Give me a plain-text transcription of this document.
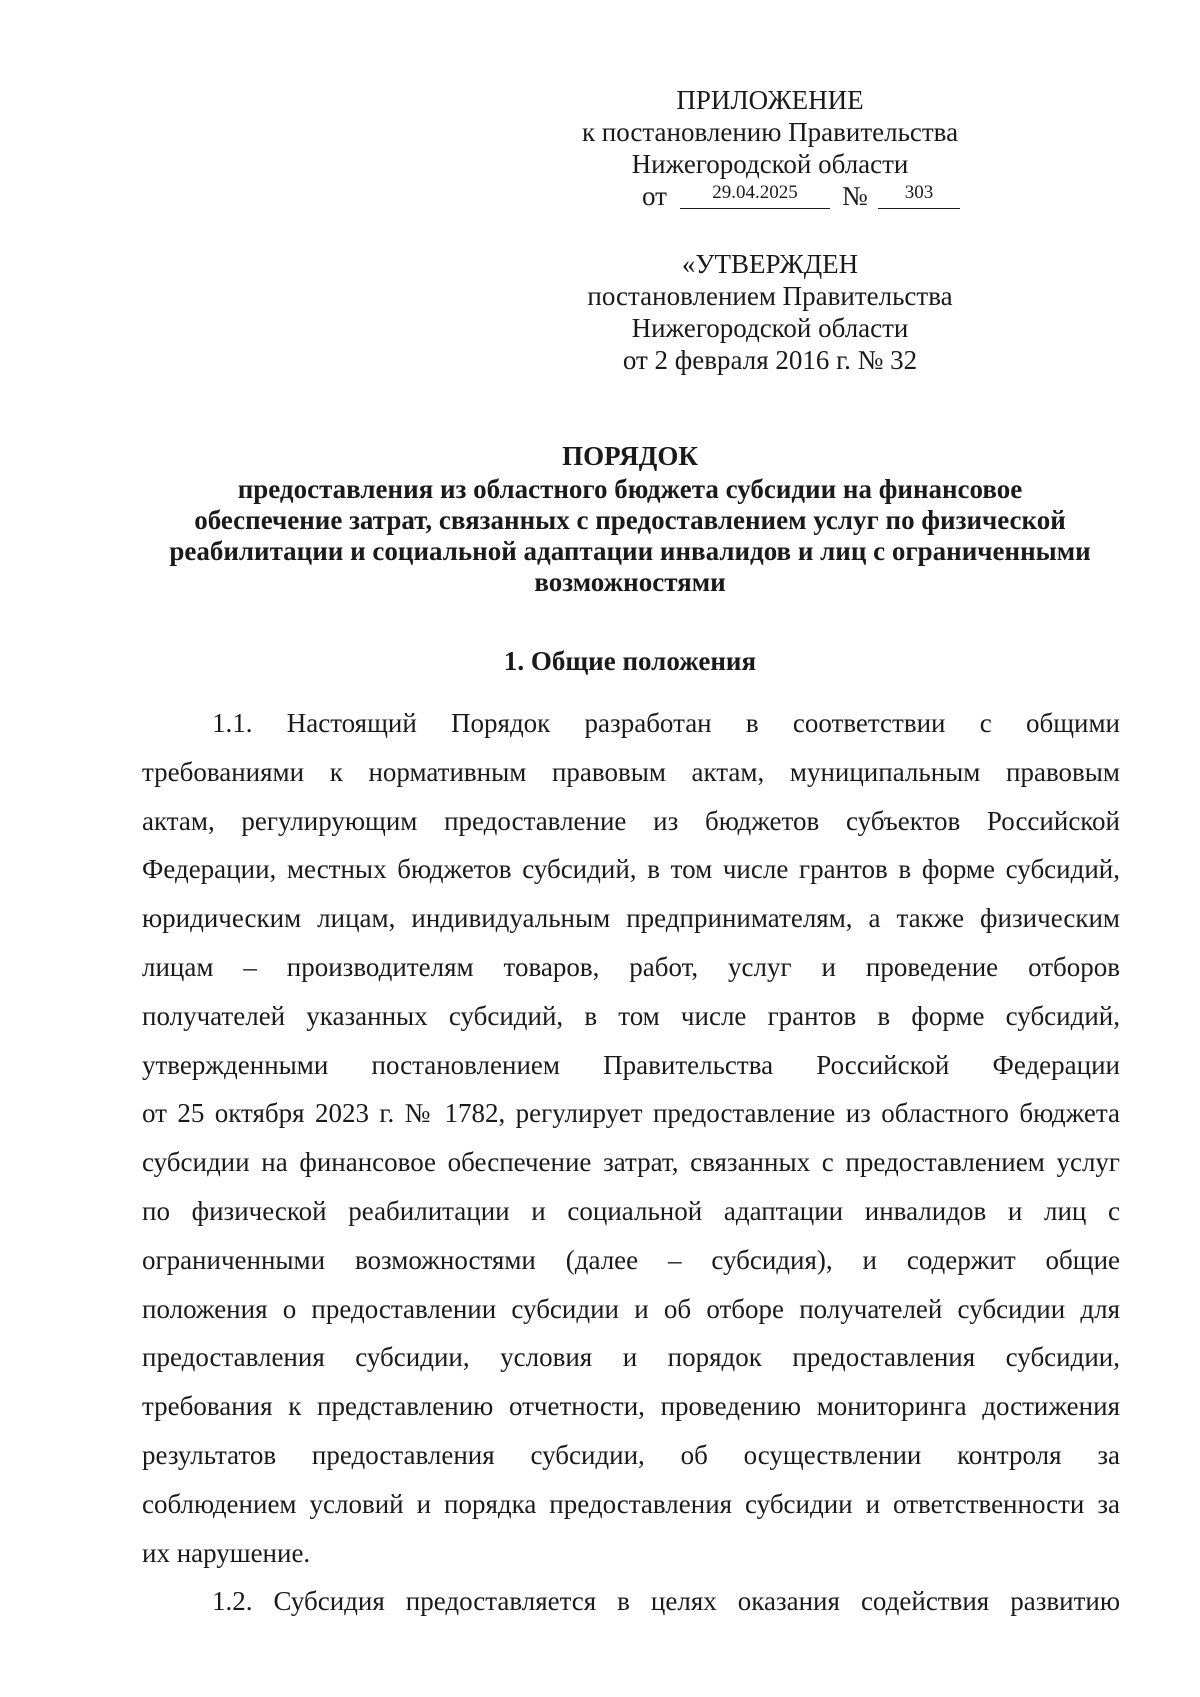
ПРИЛОЖЕНИЕ
к постановлению Правительства
Нижегородской области
от	29.04.2025	№	303
«УТВЕРЖДЕН
постановлением Правительства
Нижегородской области
от 2 февраля 2016 г. № 32
ПОРЯДОК
предоставления из областного бюджета субсидии на финансовое
обеспечение затрат, связанных с предоставлением услуг по физической
реабилитации и социальной адаптации инвалидов и лиц с ограниченными
возможностями
1. Общие положения
1.1. Настоящий Порядок разработан в соответствии с общими
требованиями к нормативным правовым актам, муниципальным правовым
актам, регулирующим предоставление из бюджетов субъектов Российской
Федерации, местных бюджетов субсидий, в том числе грантов в форме субсидий,
юридическим лицам, индивидуальным предпринимателям, а также физическим
лицам – производителям товаров, работ, услуг и проведение отборов
получателей указанных субсидий, в том числе грантов в форме субсидий,
утвержденными постановлением Правительства Российской Федерации
от 25 октября 2023 г. № 1782, регулирует предоставление из областного бюджета
субсидии на финансовое обеспечение затрат, связанных с предоставлением услуг
по физической реабилитации и социальной адаптации инвалидов и лиц с
ограниченными возможностями (далее – субсидия), и содержит общие
положения о предоставлении субсидии и об отборе получателей субсидии для
предоставления субсидии, условия и порядок предоставления субсидии,
требования к представлению отчетности, проведению мониторинга достижения
результатов предоставления субсидии, об осуществлении контроля за
соблюдением условий и порядка предоставления субсидии и ответственности за
их нарушение.
1.2. Субсидия предоставляется в целях оказания содействия развитию
